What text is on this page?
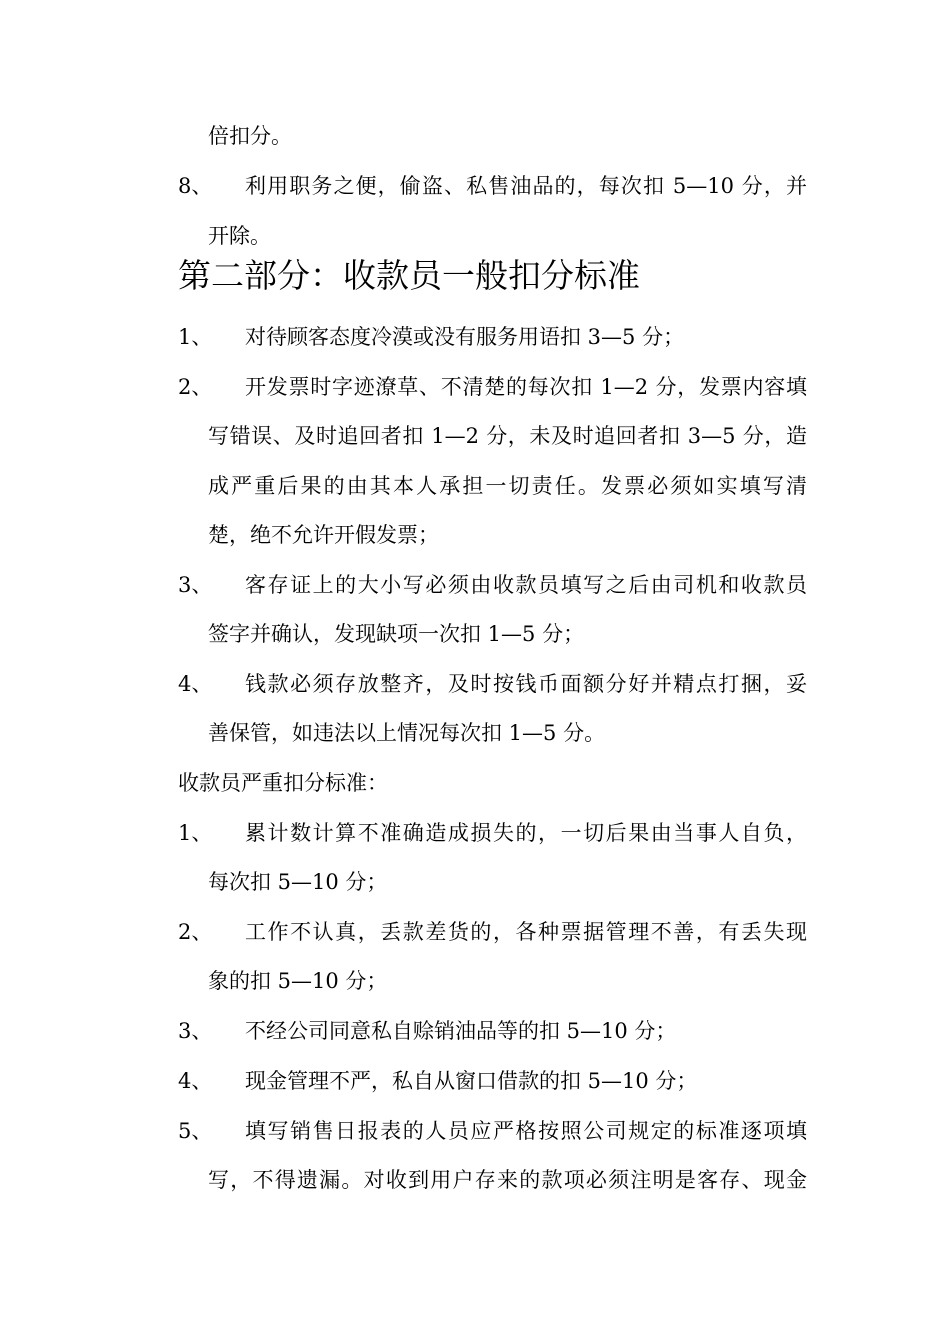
倍扣分。
8、 利用职务之便，偷盗、私售油品的，每次扣 5—10 分，并
开除。
第二部分：收款员一般扣分标准
1、 对待顾客态度冷漠或没有服务用语扣 3—5 分；
2、 开发票时字迹潦草、不清楚的每次扣 1—2 分，发票内容填
写错误、及时追回者扣 1—2 分，未及时追回者扣 3—5 分，造
成严重后果的由其本人承担一切责任。发票必须如实填写清
楚，绝不允许开假发票；
3、 客存证上的大小写必须由收款员填写之后由司机和收款员
签字并确认，发现缺项一次扣 1—5 分；
4、 钱款必须存放整齐，及时按钱币面额分好并精点打捆，妥
善保管，如违法以上情况每次扣 1—5 分。
收款员严重扣分标准：
1、 累计数计算不准确造成损失的，一切后果由当事人自负，
每次扣 5—10 分；
2、 工作不认真，丢款差货的，各种票据管理不善，有丢失现
象的扣 5—10 分；
3、 不经公司同意私自赊销油品等的扣 5—10 分；
4、 现金管理不严，私自从窗口借款的扣 5—10 分；
5、 填写销售日报表的人员应严格按照公司规定的标准逐项填
写，不得遗漏。对收到用户存来的款项必须注明是客存、现金
